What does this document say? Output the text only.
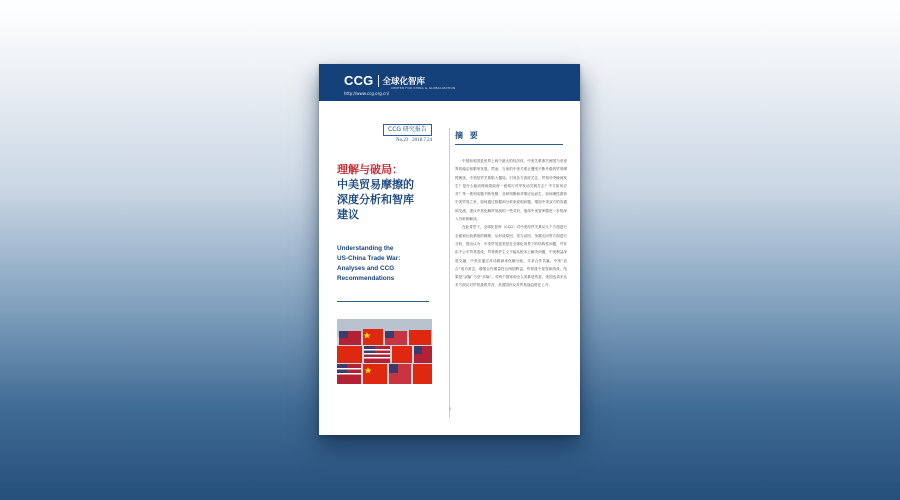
CCG 全球化智库
CENTER FOR CHINA & GLOBALIZATION
http://www.ccg.org.cn/
CCG 研究报告
No.23 2018.7.24
理解与破局：
中美贸易摩擦的
深度分析和智库
建议
Understanding the
US-China Trade War:
Analyses and CCG
Recommendations
摘 要

中国和美国是世界上两个最大的经济体，中美关系事关两国乃至世界的稳定和繁荣发展。然而，当前的中美关系正遭受不断升级的贸易摩擦困扰，中美经贸关系陷入僵局。引发各方高度关注，贸易冲突缘何发生？是什么驱动特朗普政府一意孤行对华发动关税打击？中方如何应对？等一系列话题不断发酵，各种判断和对策应运而生，如何理性看待中美贸易之争，如何通过数据和分析来说明问题，增加中美双方的沟通和交流，建议中美化解贸易战的一些共识，值得中美智库做进一步的深入分析和解读。

在此背景下，全球化智库（CCG）对中美经贸关系从几个方面进行全面和比较系统的梳理，从形成原因、美方动因、争端走向等方面进行分析，提出认为：中美贸易逆差是在全球化背景下的结构性问题，并非由不公平贸易造成，贸易保护主义不能从根本上解决问题，中美利益深度交融，中美应通过对话磋商来化解分歧，寻求合作共赢。中美“竞合”成为常态，增强合作增量符合两国利益，贸易战不是零和游戏，结果是“双输”乃至“多输”。对两个国家和全人类都是伤害，美国也须多从多方面反对贸易战的声音，美国国内反对贸易战趋势在上升。

1
